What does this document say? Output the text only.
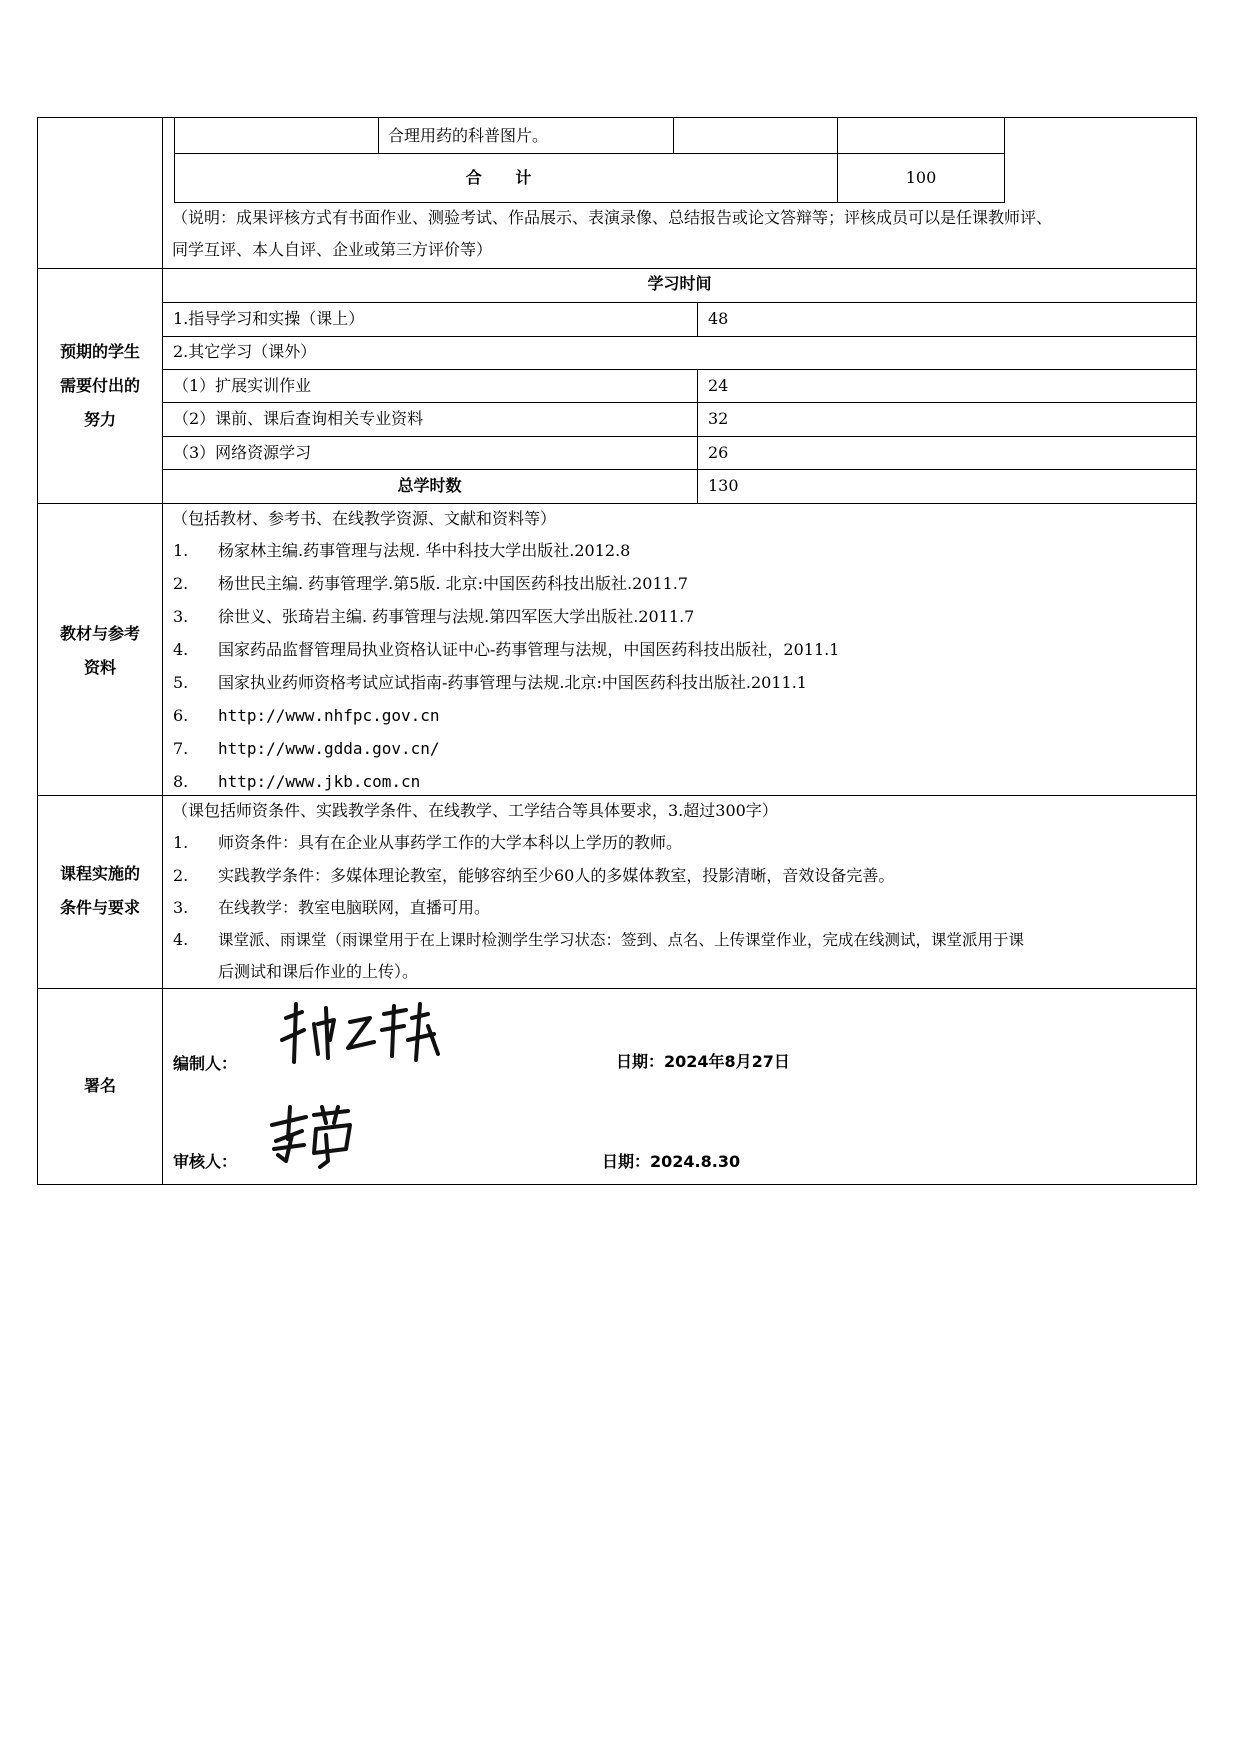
合理用药的科普图片。
合 计	100
（说明：成果评核方式有书面作业、测验考试、作品展示、表演录像、总结报告或论文答辩等；评核成员可以是任课教师评、
同学互评、本人自评、企业或第三方评价等）
预期的学生
需要付出的
努力
学习时间
1.指导学习和实操（课上）	48
2.其它学习（课外）
（1）扩展实训作业	24
（2）课前、课后查询相关专业资料	32
（3）网络资源学习	26
总学时数	130
教材与参考
资料
（包括教材、参考书、在线教学资源、文献和资料等）
1.	杨家林主编.药事管理与法规. 华中科技大学出版社.2012.8
2.	杨世民主编. 药事管理学.第5版. 北京:中国医药科技出版社.2011.7
3.	徐世义、张琦岩主编. 药事管理与法规.第四军医大学出版社.2011.7
4.	国家药品监督管理局执业资格认证中心-药事管理与法规，中国医药科技出版社，2011.1
5.	国家执业药师资格考试应试指南-药事管理与法规.北京:中国医药科技出版社.2011.1
6.	http://www.nhfpc.gov.cn
7.	http://www.gdda.gov.cn/
8.	http://www.jkb.com.cn
课程实施的
条件与要求
（课包括师资条件、实践教学条件、在线教学、工学结合等具体要求，3.超过300字）
1.	师资条件：具有在企业从事药学工作的大学本科以上学历的教师。
2.	实践教学条件：多媒体理论教室，能够容纳至少60人的多媒体教室，投影清晰，音效设备完善。
3.	在线教学：教室电脑联网，直播可用。
4.	课堂派、雨课堂（雨课堂用于在上课时检测学生学习状态：签到、点名、上传课堂作业，完成在线测试，课堂派用于课
后测试和课后作业的上传）。
署名
编制人：	日期：2024年8月27日
审核人：	日期：2024.8.30
